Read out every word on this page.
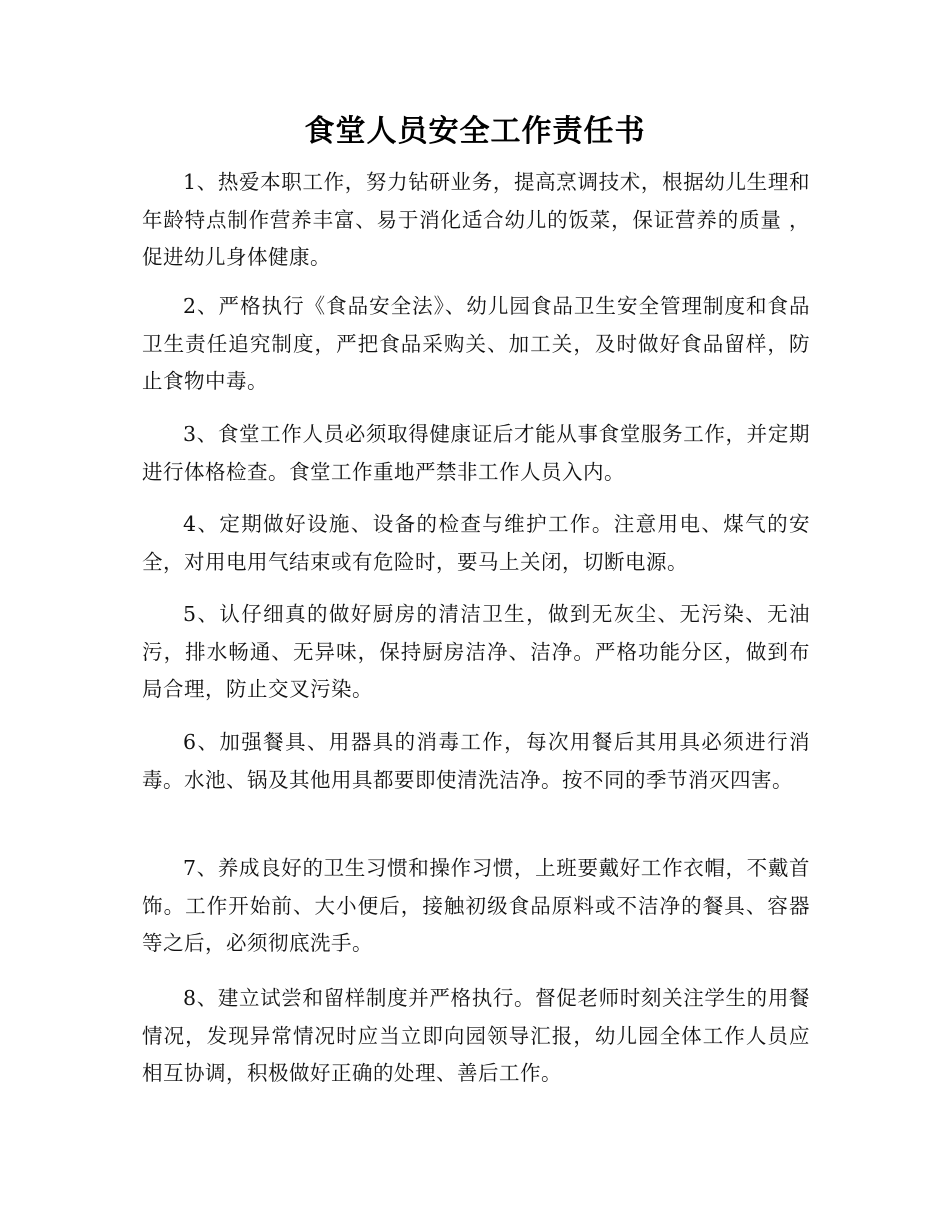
食堂人员安全工作责任书

1、热爱本职工作，努力钻研业务，提高烹调技术，根据幼儿生理和年龄特点制作营养丰富、易于消化适合幼儿的饭菜，保证营养的质量 ，促进幼儿身体健康。

2、严格执行《食品安全法》、幼儿园食品卫生安全管理制度和食品卫生责任追究制度，严把食品采购关、加工关，及时做好食品留样，防止食物中毒。

3、食堂工作人员必须取得健康证后才能从事食堂服务工作，并定期进行体格检查。食堂工作重地严禁非工作人员入内。

4、定期做好设施、设备的检查与维护工作。注意用电、煤气的安全，对用电用气结束或有危险时，要马上关闭，切断电源。

5、认仔细真的做好厨房的清洁卫生，做到无灰尘、无污染、无油污，排水畅通、无异味，保持厨房洁净、洁净。严格功能分区，做到布局合理，防止交叉污染。

6、加强餐具、用器具的消毒工作，每次用餐后其用具必须进行消毒。水池、锅及其他用具都要即使清洗洁净。按不同的季节消灭四害。

7、养成良好的卫生习惯和操作习惯，上班要戴好工作衣帽，不戴首饰。工作开始前、大小便后，接触初级食品原料或不洁净的餐具、容器等之后，必须彻底洗手。

8、建立试尝和留样制度并严格执行。督促老师时刻关注学生的用餐情况，发现异常情况时应当立即向园领导汇报，幼儿园全体工作人员应相互协调，积极做好正确的处理、善后工作。
